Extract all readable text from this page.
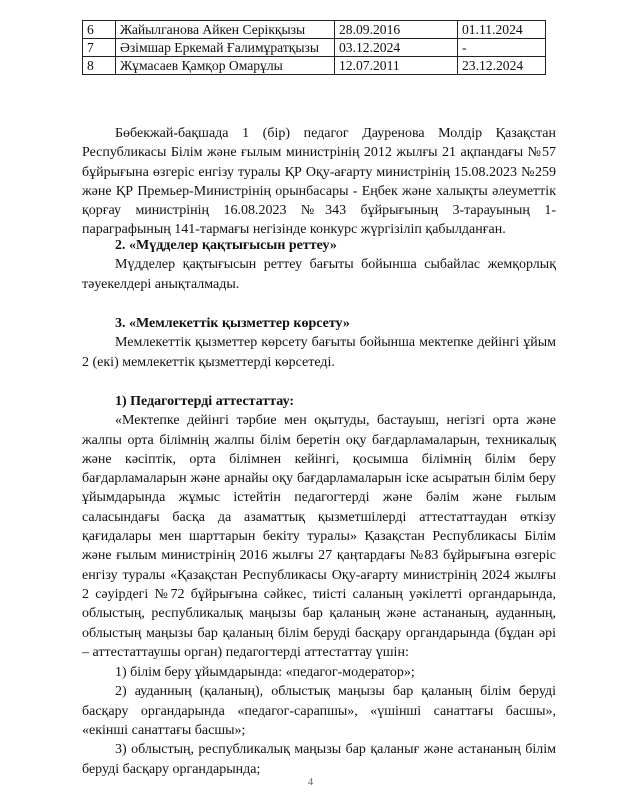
6	Жайылганова Айкен Серікқызы	28.09.2016	01.11.2024
7	Әзімшар Еркемай Ғалимұратқызы	03.12.2024	-
8	Жұмасаев Қамқор Омарұлы	12.07.2011	23.12.2024

Бөбекжай-бақшада 1 (бір) педагог Дауренова Молдір Қазақстан Республикасы Білім және ғылым министрінің 2012 жылғы 21 ақпандағы №57 бұйрығына өзгеріс енгізу туралы ҚР Оқу-ағарту министрінің 15.08.2023 №259 және ҚР Премьер-Министрінің орынбасары - Еңбек және халықты әлеуметтік қорғау министрінің 16.08.2023 №343 бұйрығының 3-тарауының 1-параграфының 141-тармағы негізінде конкурс жүргізіліп қабылданған.

2. «Мүдделер қақтығысын реттеу»

Мүдделер қақтығысын реттеу бағыты бойынша сыбайлас жемқорлық тәуекелдері анықталмады.

3. «Мемлекеттік қызметтер көрсету»

Мемлекеттік қызметтер көрсету бағыты бойынша мектепке дейінгі ұйым 2 (екі) мемлекеттік қызметтерді көрсетеді.

1) Педагогтерді аттестаттау:

«Мектепке дейінгі тәрбие мен оқытуды, бастауыш, негізгі орта және жалпы орта білімнің жалпы білім беретін оқу бағдарламаларын, техникалық және кәсіптік, орта білімнен кейінгі, қосымша білімнің білім беру бағдарламаларын және арнайы оқу бағдарламаларын іске асыратын білім беру ұйымдарында жұмыс істейтін педагогтерді және бәлім және ғылым саласындағы басқа да азаматтық қызметшілерді аттестаттаудан өткізу қағидалары мен шарттарын бекіту туралы» Қазақстан Республикасы Білім және ғылым министрінің 2016 жылғы 27 қаңтардағы №83 бұйрығына өзгеріс енгізу туралы «Қазақстан Республикасы Оқу-ағарту министрінің 2024 жылғы 2 сәуірдегі №72 бұйрығына сәйкес, тиісті саланың уәкілетті органдарында, облыстың, республикалық маңызы бар қаланың және астананың, ауданның, облыстың маңызы бар қаланың білім беруді басқару органдарында (бұдан әрі – аттестаттаушы орган) педагогтерді аттестаттау үшін:

1) білім беру ұйымдарында: «педагог-модератор»;

2) ауданның (қаланың), облыстық маңызы бар қаланың білім беруді басқару органдарында «педагог-сарапшы», «үшінші санаттағы басшы», «екінші санаттағы басшы»;

3) облыстың, республикалық маңызы бар қаланығ және астананың білім беруді басқару органдарында;

4
